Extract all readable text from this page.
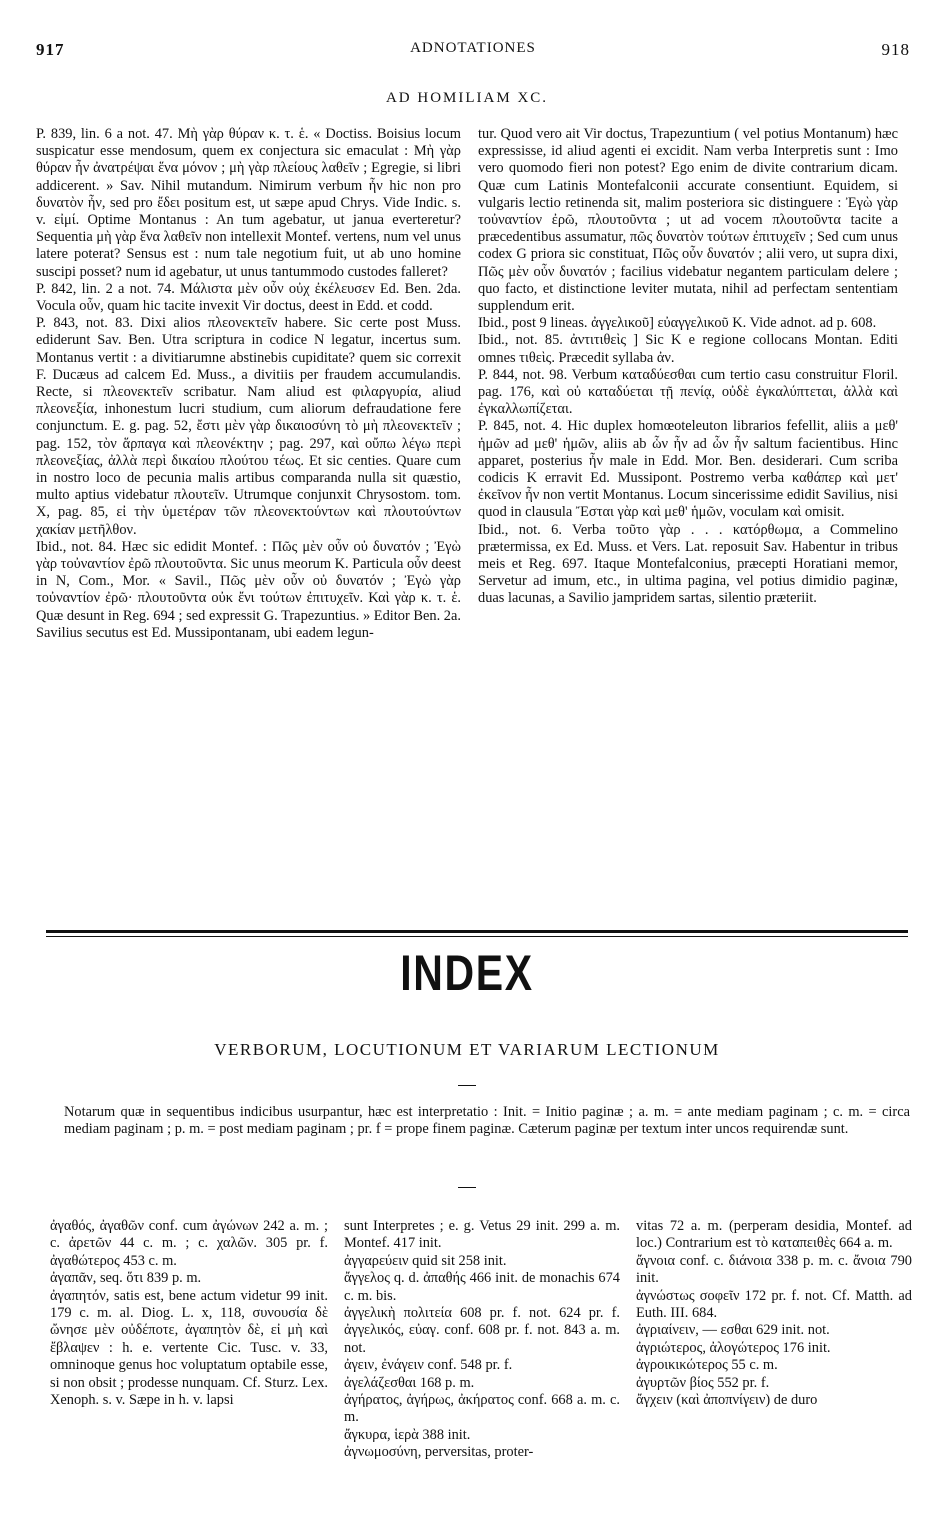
917	ADNOTATIONES	918
AD HOMILIAM XC.

P. 839, lin. 6 a not. 47. Μὴ γὰρ θύραν κ. τ. ἑ. « Doctiss. Boisius locum suspicatur esse mendosum, quem ex conjectura sic emaculat : Μὴ γὰρ θύραν ἦν ἀνατρέψαι ἕνα μόνον ; μὴ γὰρ πλείους λαθεῖν ; Egregie, si libri addicerent. » Sav. Nihil mutandum. Nimirum verbum ἦν hic non pro δυνατὸν ἦν, sed pro ἔδει positum est, ut sæpe apud Chrys. Vide Indic. s. v. εἰμί. Optime Montanus : An tum agebatur, ut janua everteretur? Sequentia μὴ γὰρ ἕνα λαθεῖν non intellexit Montef. vertens, num vel unus latere poterat? Sensus est : num tale negotium fuit, ut ab uno homine suscipi posset? num id agebatur, ut unus tantummodo custodes falleret?

P. 842, lin. 2 a not. 74. Μάλιστα μὲν οὖν οὐχ ἐκέλευσεν Ed. Ben. 2da. Vocula οὖν, quam hic tacite invexit Vir doctus, deest in Edd. et codd.

P. 843, not. 83. Dixi alios πλεονεκτεῖν habere. Sic certe post Muss. ediderunt Sav. Ben. Utra scriptura in codice N legatur, incertus sum. Montanus vertit : a divitiarumne abstinebis cupiditate? quem sic correxit F. Ducæus ad calcem Ed. Muss., a divitiis per fraudem accumulandis. Recte, si πλεονεκτεῖν scribatur. Nam aliud est φιλαργυρία, aliud πλεονεξία, inhonestum lucri studium, cum aliorum defraudatione fere conjunctum. E. g. pag. 52, ἔστι μὲν γὰρ δικαιοσύνη τὸ μὴ πλεονεκτεῖν ; pag. 152, τὸν ἅρπαγα καὶ πλεονέκτην ; pag. 297, καὶ οὔπω λέγω περὶ πλεονεξίας, ἀλλὰ περὶ δικαίου πλούτου τέως. Et sic centies. Quare cum in nostro loco de pecunia malis artibus comparanda nulla sit quæstio, multo aptius videbatur πλουτεῖν. Utrumque conjunxit Chrysostom. tom. X, pag. 85, εἰ τὴν ὑμετέραν τῶν πλεονεκτούντων καὶ πλουτούντων χακίαν μετῆλθον.

Ibid., not. 84. Hæc sic edidit Montef. : Πῶς μὲν οὖν οὐ δυνατόν ; Ἐγὼ γὰρ τοὐναντίον ἐρῶ πλουτοῦντα. Sic unus meorum K. Particula οὖν deest in N, Com., Mor. « Savil., Πῶς μὲν οὖν οὐ δυνατόν ; Ἐγὼ γὰρ τοὐναντίον ἐρῶ· πλουτοῦντα οὐκ ἔνι τούτων ἐπιτυχεῖν. Καὶ γὰρ κ. τ. ἑ. Quæ desunt in Reg. 694 ; sed expressit G. Trapezuntius. » Editor Ben. 2a. Savilius secutus est Ed. Mussipontanam, ubi eadem legun-

tur. Quod vero ait Vir doctus, Trapezuntium ( vel potius Montanum) hæc expressisse, id aliud agenti ei excidit. Nam verba Interpretis sunt : Imo vero quomodo fieri non potest? Ego enim de divite contrarium dicam. Quæ cum Latinis Montefalconii accurate consentiunt. Equidem, si vulgaris lectio retinenda sit, malim posteriora sic distinguere : Ἐγὼ γὰρ τοὐναντίον ἐρῶ, πλουτοῦντα ; ut ad vocem πλουτοῦντα tacite a præcedentibus assumatur, πῶς δυνατὸν τούτων ἐπιτυχεῖν ; Sed cum unus codex G priora sic constituat, Πῶς οὖν δυνατόν ; alii vero, ut supra dixi, Πῶς μὲν οὖν δυνατόν ; facilius videbatur negantem particulam delere ; quo facto, et distinctione leviter mutata, nihil ad perfectam sententiam supplendum erit.

Ibid., post 9 lineas. ἀγγελικοῦ] εὐαγγελικοῦ K. Vide adnot. ad p. 608.

Ibid., not. 85. ἀντιτιθεὶς ] Sic K e regione collocans Montan. Editi omnes τιθεὶς. Præcedit syllaba ἀν.

P. 844, not. 98. Verbum καταδύεσθαι cum tertio casu construitur Floril. pag. 176, καὶ οὐ καταδύεται τῇ πενίᾳ, οὐδὲ ἐγκαλύπτεται, ἀλλὰ καὶ ἐγκαλλωπίζεται.

P. 845, not. 4. Hic duplex homœoteleuton librarios fefellit, aliis a μεθ' ἡμῶν ad μεθ' ἡμῶν, aliis ab ὧν ἦν ad ὧν ἦν saltum facientibus. Hinc apparet, posterius ἦν male in Edd. Mor. Ben. desiderari. Cum scriba codicis K erravit Ed. Mussipont. Postremo verba καθάπερ καὶ μετ' ἐκεῖνον ἦν non vertit Montanus. Locum sincerissime edidit Savilius, nisi quod in clausula Ἔσται γὰρ καὶ μεθ' ἡμῶν, voculam καὶ omisit.

Ibid., not. 6. Verba τοῦτο γὰρ . . . κατόρθωμα, a Commelino prætermissa, ex Ed. Muss. et Vers. Lat. reposuit Sav. Habentur in tribus meis et Reg. 697. Itaque Montefalconius, præcepti Horatiani memor, Servetur ad imum, etc., in ultima pagina, vel potius dimidio paginæ, duas lacunas, a Savilio jampridem sartas, silentio præteriit.

INDEX
VERBORUM, LOCUTIONUM ET VARIARUM LECTIONUM
Notarum quæ in sequentibus indicibus usurpantur, hæc est interpretatio : Init. = Initio paginæ ; a. m. = ante mediam paginam ; c. m. = circa mediam paginam ; p. m. = post mediam paginam ; pr. f = prope finem paginæ. Cæterum paginæ per textum inter uncos requirendæ sunt.

ἀγαθός, ἀγαθῶν conf. cum ἀγώνων 242 a. m. ; c. ἀρετῶν 44 c. m. ; c. χαλῶν. 305 pr. f. ἀγαθώτερος 453 c. m.

ἀγαπᾶν, seq. ὅτι 839 p. m.

ἀγαπητόν, satis est, bene actum videtur 99 init. 179 c. m. al. Diog. L. x, 118, συνουσία δὲ ὤνησε μὲν οὐδέποτε, ἀγαπητὸν δὲ, εἰ μὴ καὶ ἔβλαψεν : h. e. vertente Cic. Tusc. v. 33, omninoque genus hoc voluptatum optabile esse, si non obsit ; prodesse nunquam. Cf. Sturz. Lex. Xenoph. s. v. Sæpe in h. v. lapsi

sunt Interpretes ; e. g. Vetus 29 init. 299 a. m. Montef. 417 init.

ἀγγαρεύειν quid sit 258 init.

ἄγγελος q. d. ἀπαθής 466 init. de monachis 674 c. m. bis.

ἀγγελικὴ πολιτεία 608 pr. f. not. 624 pr. f. ἀγγελικός, εὐαγ. conf. 608 pr. f. not. 843 a. m. not.

ἀγειν, ἐνάγειν conf. 548 pr. f.

ἀγελάζεσθαι 168 p. m.

ἀγήρατος, ἀγήρως, ἀκήρατος conf. 668 a. m. c. m.

ἄγκυρα, ἱερὰ 388 init.

ἀγνωμοσύνη, perversitas, proter-

vitas 72 a. m. (perperam desidia, Montef. ad loc.) Contrarium est τὸ καταπειθὲς 664 a. m.

ἄγνοια conf. c. διάνοια 338 p. m. c. ἄνοια 790 init.

ἀγνώστως σοφεῖν 172 pr. f. not. Cf. Matth. ad Euth. III. 684.

ἀγριαίνειν, — εσθαι 629 init. not.

ἀγριώτερος, ἀλογώτερος 176 init.

ἀγροικικώτερος 55 c. m.

ἀγυρτῶν βίος 552 pr. f.

ἄγχειν (καὶ ἀποπνίγειν) de duro
